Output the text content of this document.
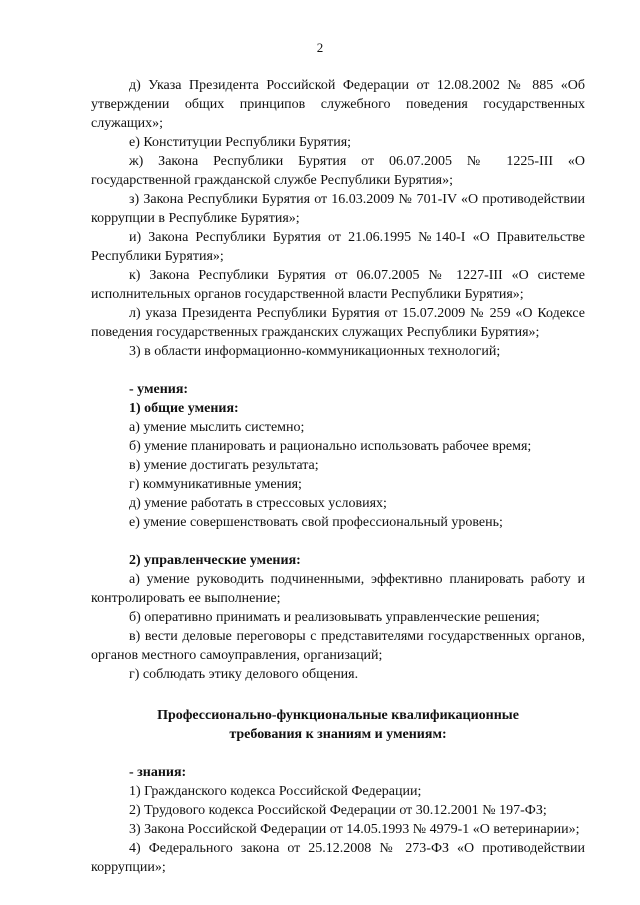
2

д) Указа Президента Российской Федерации от 12.08.2002 № 885 «Об утверждении общих принципов служебного поведения государственных служащих»;

е) Конституции Республики Бурятия;

ж) Закона Республики Бурятия от 06.07.2005 № 1225-III «О государственной гражданской службе Республики Бурятия»;

з) Закона Республики Бурятия от 16.03.2009 № 701-IV «О противодействии коррупции в Республике Бурятия»;

и) Закона Республики Бурятия от 21.06.1995 №140-I «О Правительстве Республики Бурятия»;

к) Закона Республики Бурятия от 06.07.2005 № 1227-III «О системе исполнительных органов государственной власти Республики Бурятия»;

л) указа Президента Республики Бурятия от 15.07.2009 № 259 «О Кодексе поведения государственных гражданских служащих Республики Бурятия»;

3) в области информационно-коммуникационных технологий;

- умения:

1) общие умения:

а) умение мыслить системно;

б) умение планировать и рационально использовать рабочее время;

в) умение достигать результата;

г) коммуникативные умения;

д) умение работать в стрессовых условиях;

е) умение совершенствовать свой профессиональный уровень;

2) управленческие умения:

а) умение руководить подчиненными, эффективно планировать работу и контролировать ее выполнение;

б) оперативно принимать и реализовывать управленческие решения;

в) вести деловые переговоры с представителями государственных органов, органов местного самоуправления, организаций;

г) соблюдать этику делового общения.

Профессионально-функциональные квалификационные

требования к знаниям и умениям:

- знания:

1) Гражданского кодекса Российской Федерации;

2) Трудового кодекса Российской Федерации от 30.12.2001 № 197-ФЗ;

3) Закона Российской Федерации от 14.05.1993 № 4979-1 «О ветеринарии»;

4) Федерального закона от 25.12.2008 № 273-ФЗ «О противодействии коррупции»;
